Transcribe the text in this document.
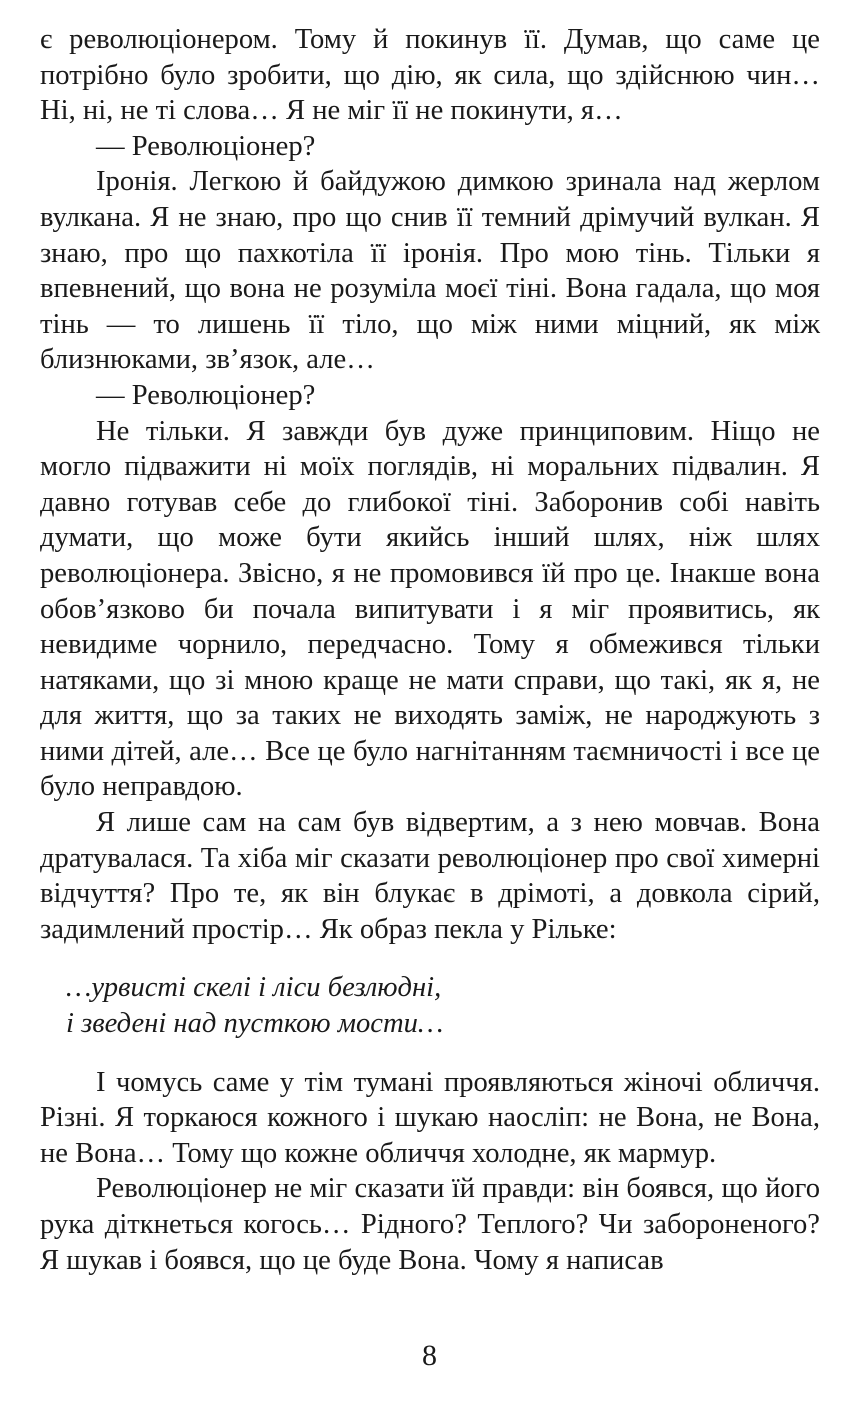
є революціонером. Тому й покинув її. Думав, що саме це потрібно було зробити, що дію, як сила, що здійснюю чин… Ні, ні, не ті слова… Я не міг її не покинути, я…

— Революціонер?

Іронія. Легкою й байдужою димкою зринала над жерлом вулкана. Я не знаю, про що снив її темний дрімучий вулкан. Я знаю, про що пахкотіла її іронія. Про мою тінь. Тільки я впевнений, що вона не розуміла моєї тіні. Вона гадала, що моя тінь — то лишень її тіло, що між ними міцний, як між близнюками, зв’язок, але…

— Революціонер?

Не тільки. Я завжди був дуже принциповим. Ніщо не могло підважити ні моїх поглядів, ні моральних підвалин. Я давно готував себе до глибокої тіні. Заборонив собі навіть думати, що може бути якийсь інший шлях, ніж шлях революціонера. Звісно, я не промовився їй про це. Інакше вона обов’язково би почала випитувати і я міг проявитись, як невидиме чорнило, передчасно. Тому я обмежився тільки натяками, що зі мною краще не мати справи, що такі, як я, не для життя, що за таких не виходять заміж, не народжують з ними дітей, але… Все це було нагнітанням таємничості і все це було неправдою.

Я лише сам на сам був відвертим, а з нею мовчав. Вона дратувалася. Та хіба міг сказати революціонер про свої химерні відчуття? Про те, як він блукає в дрімоті, а довкола сірий, задимлений простір… Як образ пекла у Рільке:

…урвисті скелі і ліси безлюдні,
і зведені над пусткою мости…

І чомусь саме у тім тумані проявляються жіночі обличчя. Різні. Я торкаюся кожного і шукаю наосліп: не Вона, не Вона, не Вона… Тому що кожне обличчя холодне, як мармур.

Революціонер не міг сказати їй правди: він боявся, що його рука діткнеться когось… Рідного? Теплого? Чи забороненого? Я шукав і боявся, що це буде Вона. Чому я написав

8
